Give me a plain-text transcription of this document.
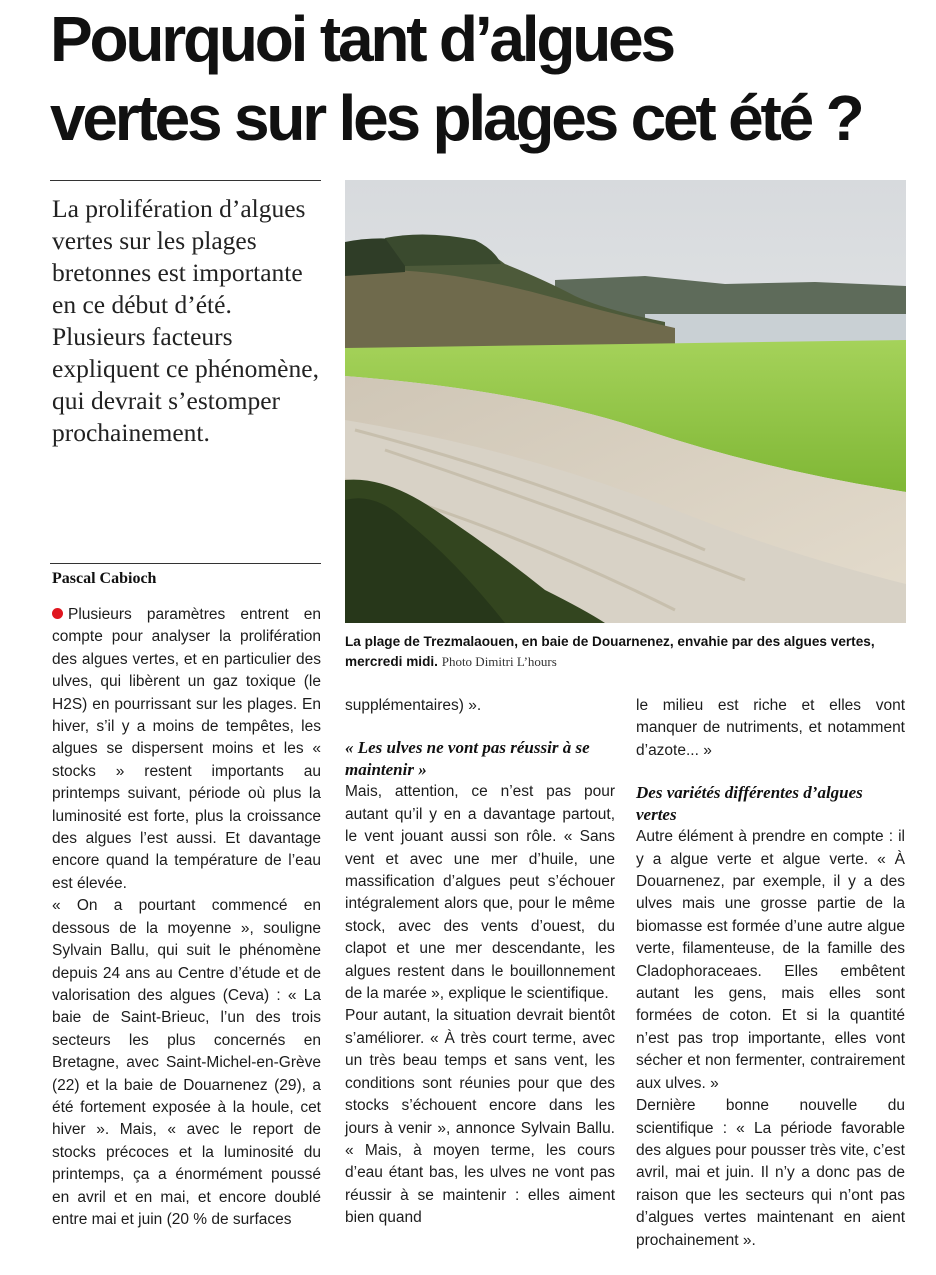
Pourquoi tant d’algues
vertes sur les plages cet été ?

La prolifération d’algues vertes sur les plages bretonnes est importante en ce début d’été. Plusieurs facteurs expliquent ce phénomène, qui devrait s’estomper prochainement.

Pascal Cabioch
La plage de Trezmalaouen, en baie de Douarnenez, envahie par des algues vertes, mercredi midi. Photo Dimitri L’hours

Plusieurs paramètres entrent en compte pour analyser la prolifération des algues vertes, et en particulier des ulves, qui libèrent un gaz toxique (le H2S) en pourrissant sur les plages. En hiver, s’il y a moins de tempêtes, les algues se dispersent moins et les « stocks » restent importants au printemps suivant, période où plus la luminosité est forte, plus la croissance des algues l’est aussi. Et davantage encore quand la température de l’eau est élevée.

« On a pourtant commencé en dessous de la moyenne », souligne Sylvain Ballu, qui suit le phénomène depuis 24 ans au Centre d’étude et de valorisation des algues (Ceva) : « La baie de Saint-Brieuc, l’un des trois secteurs les plus concernés en Bretagne, avec Saint-Michel-en-Grève (22) et la baie de Douarnenez (29), a été fortement exposée à la houle, cet hiver ». Mais, « avec le report de stocks précoces et la luminosité du printemps, ça a énormément poussé en avril et en mai, et encore doublé entre mai et juin (20 % de surfaces

supplémentaires) ».

« Les ulves ne vont pas réussir à se maintenir »

Mais, attention, ce n’est pas pour autant qu’il y en a davantage partout, le vent jouant aussi son rôle. « Sans vent et avec une mer d’huile, une massification d’algues peut s’échouer intégralement alors que, pour le même stock, avec des vents d’ouest, du clapot et une mer descendante, les algues restent dans le bouillonnement de la marée », explique le scientifique.

Pour autant, la situation devrait bientôt s’améliorer. « À très court terme, avec un très beau temps et sans vent, les conditions sont réunies pour que des stocks s’échouent encore dans les jours à venir », annonce Sylvain Ballu. « Mais, à moyen terme, les cours d’eau étant bas, les ulves ne vont pas réussir à se maintenir : elles aiment bien quand

le milieu est riche et elles vont manquer de nutriments, et notamment d’azote... »

Des variétés différentes d’algues vertes

Autre élément à prendre en compte : il y a algue verte et algue verte. « À Douarnenez, par exemple, il y a des ulves mais une grosse partie de la biomasse est formée d’une autre algue verte, filamenteuse, de la famille des Cladophoraceaes. Elles embêtent autant les gens, mais elles sont formées de coton. Et si la quantité n’est pas trop importante, elles vont sécher et non fermenter, contrairement aux ulves. »

Dernière bonne nouvelle du scientifique : « La période favorable des algues pour pousser très vite, c’est avril, mai et juin. Il n’y a donc pas de raison que les secteurs qui n’ont pas d’algues vertes maintenant en aient prochainement ».
